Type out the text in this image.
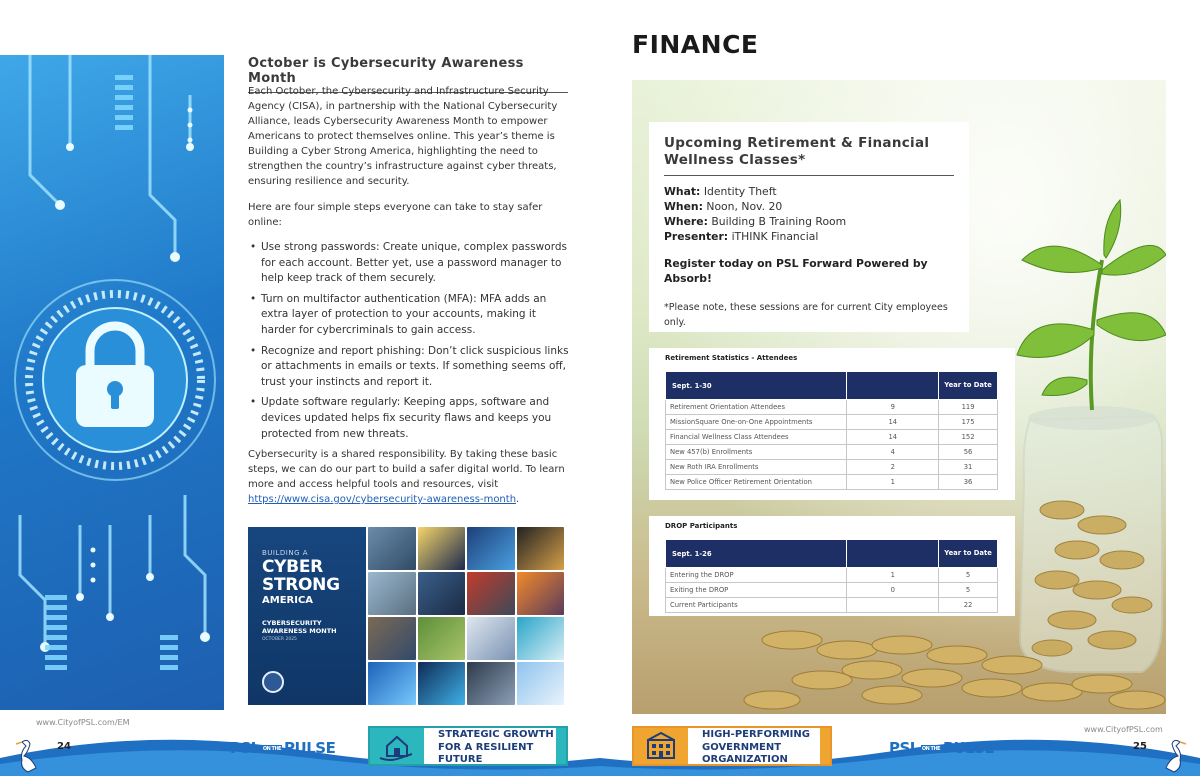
October is Cybersecurity Awareness Month

Each October, the Cybersecurity and Infrastructure Security Agency (CISA), in partnership with the National Cybersecurity Alliance, leads Cybersecurity Awareness Month to empower Americans to protect themselves online. This year’s theme is Building a Cyber Strong America, highlighting the need to strengthen the country’s infrastructure against cyber threats, ensuring resilience and security.

Here are four simple steps everyone can take to stay safer online:

• Use strong passwords: Create unique, complex passwords for each account. Better yet, use a password manager to help keep track of them securely.
• Turn on multifactor authentication (MFA): MFA adds an extra layer of protection to your accounts, making it harder for cybercriminals to gain access.
• Recognize and report phishing: Don’t click suspicious links or attachments in emails or texts. If something seems off, trust your instincts and report it.
• Update software regularly: Keeping apps, software and devices updated helps fix security flaws and keeps you protected from new threats.

Cybersecurity is a shared responsibility. By taking these basic steps, we can do our part to build a safer digital world. To learn more and access helpful tools and resources, visit https://www.cisa.gov/cybersecurity-awareness-month.

BUILDING A
CYBER
STRONG
AMERICA
CYBERSECURITY AWARENESS MONTH
OCTOBER 2025
www.CityofPSL.com/EM
24	PSL ON THE PULSE
STRATEGIC GROWTH FOR A RESILIENT FUTURE
FINANCE
Upcoming Retirement & Financial Wellness Classes*
What: Identity Theft
When: Noon, Nov. 20
Where: Building B Training Room
Presenter: iTHINK Financial
Register today on PSL Forward Powered by Absorb!
*Please note, these sessions are for current City employees only.
Retirement Statistics - Attendees
Sept. 1-30		Year to Date
Retirement Orientation Attendees	9	119
MissionSquare One-on-One Appointments	14	175
Financial Wellness Class Attendees	14	152
New 457(b) Enrollments	4	56
New Roth IRA Enrollments	2	31
New Police Officer Retirement Orientation	1	36
DROP Participants
Sept. 1-26		Year to Date
Entering the DROP	1	5
Exiting the DROP	0	5
Current Participants		22
www.CityofPSL.com
25
PSL ON THE PULSE
HIGH-PERFORMING GOVERNMENT ORGANIZATION
